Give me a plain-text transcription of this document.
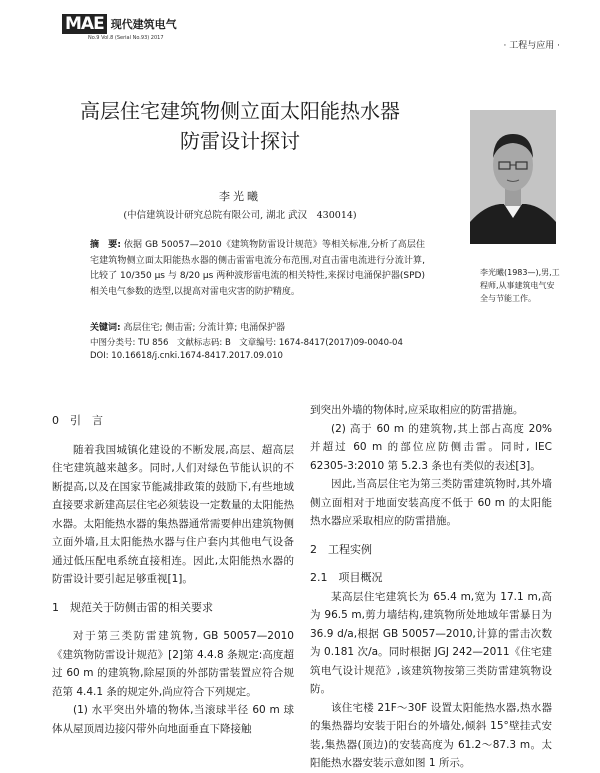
MAE 现代建筑电气
No.9 Vol.8 (Serial No.93) 2017
· 工程与应用 ·
高层住宅建筑物侧立面太阳能热水器
防雷设计探讨
李光曦(1983—),男,工程师,从事建筑电气安全与节能工作。
李光曦
(中信建筑设计研究总院有限公司, 湖北 武汉　430014)
摘　要: 依据 GB 50057—2010《建筑物防雷设计规范》等相关标准,分析了高层住宅建筑物侧立面太阳能热水器的侧击雷雷电流分布范围,对直击雷电流进行分流计算,比较了 10/350 μs 与 8/20 μs 两种波形雷电流的相关特性,来探讨电涌保护器(SPD)相关电气参数的选型,以提高对雷电灾害的防护精度。
关键词: 高层住宅; 侧击雷; 分流计算; 电涌保护器
中图分类号: TU 856　文献标志码: B　文章编号: 1674-8417(2017)09-0040-04
DOI: 10.16618/j.cnki.1674-8417.2017.09.010
0　引　言

随着我国城镇化建设的不断发展,高层、超高层住宅建筑越来越多。同时,人们对绿色节能认识的不断提高,以及在国家节能减排政策的鼓励下,有些地域直接要求新建高层住宅必须装设一定数量的太阳能热水器。太阳能热水器的集热器通常需要伸出建筑物侧立面外墙,且太阳能热水器与住户套内其他电气设备通过低压配电系统直接相连。因此,太阳能热水器的防雷设计要引起足够重视[1]。

1　规范关于防侧击雷的相关要求

对于第三类防雷建筑物, GB 50057—2010《建筑物防雷设计规范》[2]第 4.4.8 条规定:高度超过 60 m 的建筑物,除屋顶的外部防雷装置应符合规范第 4.4.1 条的规定外,尚应符合下列规定。

(1) 水平突出外墙的物体,当滚球半径 60 m 球体从屋顶周边接闪带外向地面垂直下降接触

到突出外墙的物体时,应采取相应的防雷措施。

(2) 高于 60 m 的建筑物,其上部占高度 20% 并超过 60 m 的部位应防侧击雷。同时, IEC 62305-3:2010 第 5.2.3 条也有类似的表述[3]。

因此,当高层住宅为第三类防雷建筑物时,其外墙侧立面相对于地面安装高度不低于 60 m 的太阳能热水器应采取相应的防雷措施。

2　工程实例
2.1　项目概况

某高层住宅建筑长为 65.4 m,宽为 17.1 m,高为 96.5 m,剪力墙结构,建筑物所处地域年雷暴日为 36.9 d/a,根据 GB 50057—2010,计算的雷击次数为 0.181 次/a。同时根据 JGJ 242—2011《住宅建筑电气设计规范》,该建筑物按第三类防雷建筑物设防。

该住宅楼 21F～30F 设置太阳能热水器,热水器的集热器均安装于阳台的外墙处,倾斜 15°壁挂式安装,集热器(顶边)的安装高度为 61.2～87.3 m。太阳能热水器安装示意如图 1 所示。
